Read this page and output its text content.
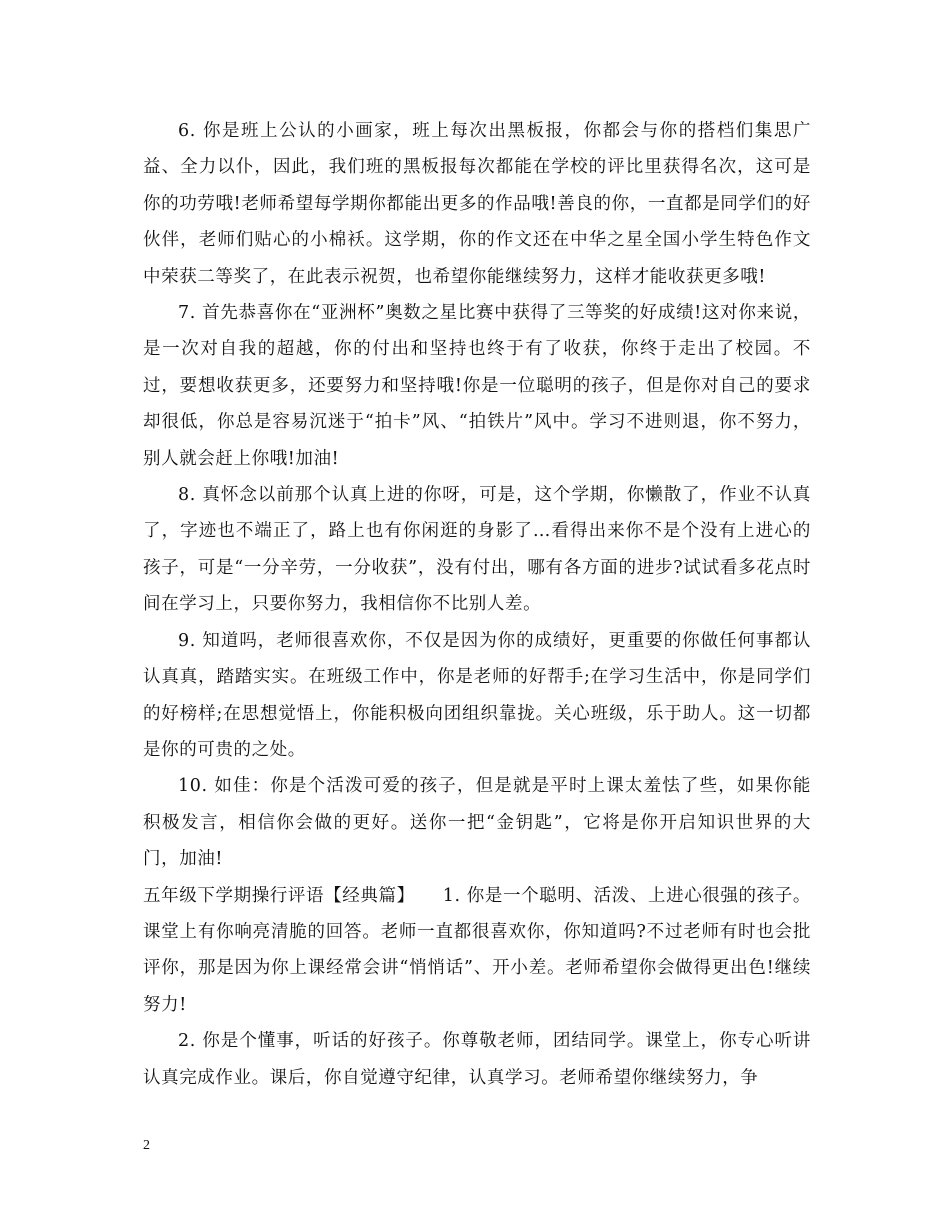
6. 你是班上公认的小画家，班上每次出黑板报，你都会与你的搭档们集思广益、全力以仆，因此，我们班的黑板报每次都能在学校的评比里获得名次，这可是你的功劳哦!老师希望每学期你都能出更多的作品哦!善良的你，一直都是同学们的好伙伴，老师们贴心的小棉袄。这学期，你的作文还在中华之星全国小学生特色作文中荣获二等奖了，在此表示祝贺，也希望你能继续努力，这样才能收获更多哦!

7. 首先恭喜你在“亚洲杯”奥数之星比赛中获得了三等奖的好成绩!这对你来说，是一次对自我的超越，你的付出和坚持也终于有了收获，你终于走出了校园。不过，要想收获更多，还要努力和坚持哦!你是一位聪明的孩子，但是你对自己的要求却很低，你总是容易沉迷于“拍卡”风、“拍铁片”风中。学习不进则退，你不努力，别人就会赶上你哦!加油!

8. 真怀念以前那个认真上进的你呀，可是，这个学期，你懒散了，作业不认真了，字迹也不端正了，路上也有你闲逛的身影了…看得出来你不是个没有上进心的孩子，可是“一分辛劳，一分收获”，没有付出，哪有各方面的进步?试试看多花点时间在学习上，只要你努力，我相信你不比别人差。

9. 知道吗，老师很喜欢你，不仅是因为你的成绩好，更重要的你做任何事都认认真真，踏踏实实。在班级工作中，你是老师的好帮手;在学习生活中，你是同学们的好榜样;在思想觉悟上，你能积极向团组织靠拢。关心班级，乐于助人。这一切都是你的可贵的之处。

10. 如佳：你是个活泼可爱的孩子，但是就是平时上课太羞怯了些，如果你能积极发言，相信你会做的更好。送你一把“金钥匙”，它将是你开启知识世界的大门，加油!

五年级下学期操行评语【经典篇】 1. 你是一个聪明、活泼、上进心很强的孩子。课堂上有你响亮清脆的回答。老师一直都很喜欢你，你知道吗?不过老师有时也会批评你，那是因为你上课经常会讲“悄悄话”、开小差。老师希望你会做得更出色!继续努力!

2. 你是个懂事，听话的好孩子。你尊敬老师，团结同学。课堂上，你专心听讲认真完成作业。课后，你自觉遵守纪律，认真学习。老师希望你继续努力，争

2
